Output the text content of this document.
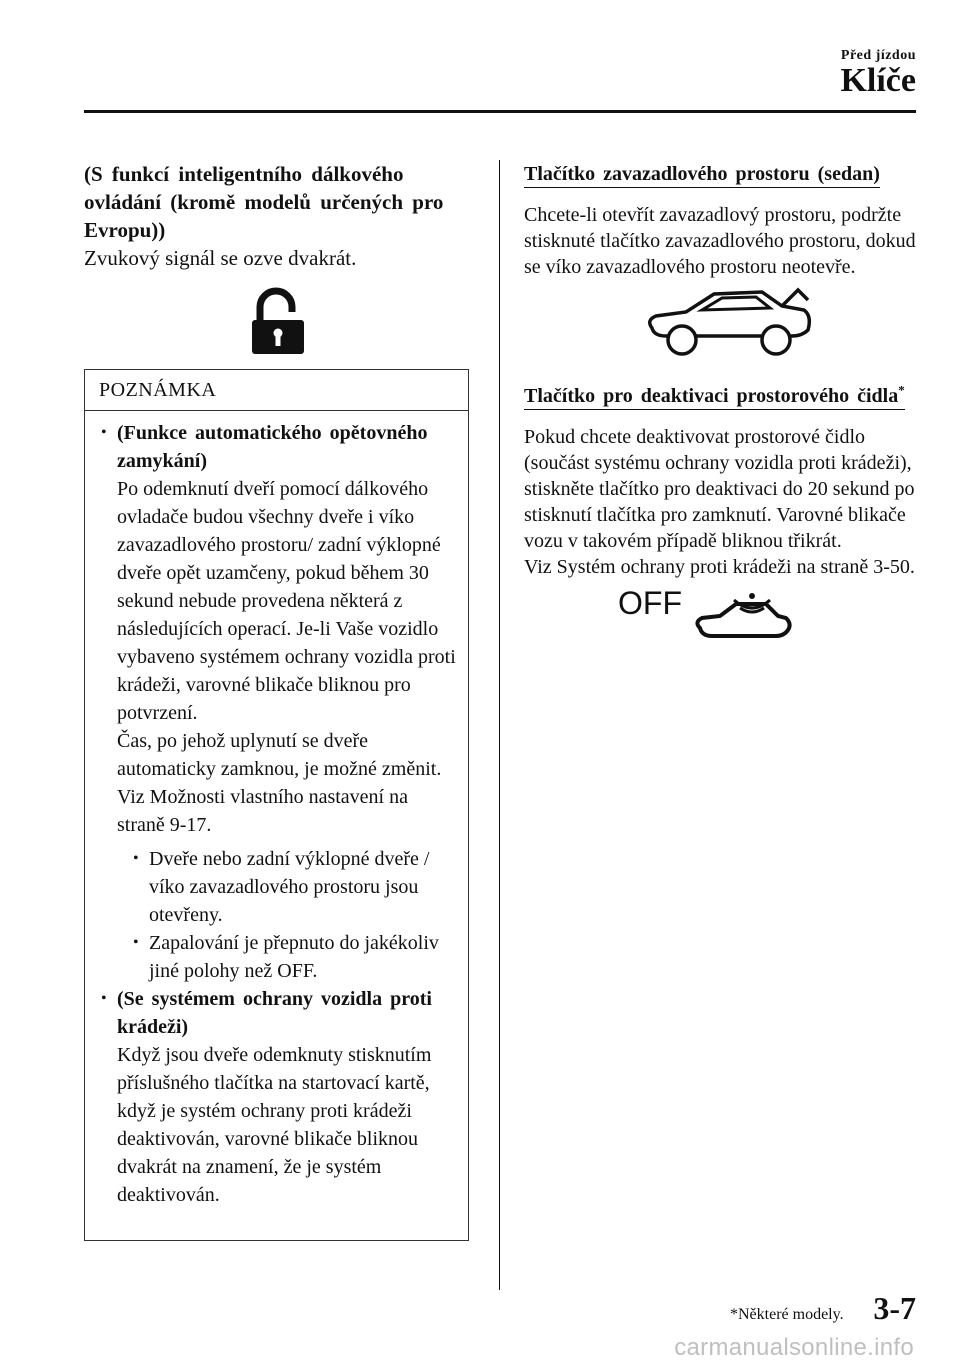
Před jízdou
Klíče
(S funkcí inteligentního dálkového ovládání (kromě modelů určených pro Evropu))
Zvukový signál se ozve dvakrát.
POZNÁMKA
• (Funkce automatického opětovného zamykání)
Po odemknutí dveří pomocí dálkového ovladače budou všechny dveře i víko zavazadlového prostoru/ zadní výklopné dveře opět uzamčeny, pokud během 30 sekund nebude provedena některá z následujících operací. Je-li Vaše vozidlo vybaveno systémem ochrany vozidla proti krádeži, varovné blikače bliknou pro potvrzení.
Čas, po jehož uplynutí se dveře automaticky zamknou, je možné změnit.
Viz Možnosti vlastního nastavení na straně 9-17.
• Dveře nebo zadní výklopné dveře / víko zavazadlového prostoru jsou otevřeny.
• Zapalování je přepnuto do jakékoliv jiné polohy než OFF.
• (Se systémem ochrany vozidla proti krádeži)
Když jsou dveře odemknuty stisknutím příslušného tlačítka na startovací kartě, když je systém ochrany proti krádeži deaktivován, varovné blikače bliknou dvakrát na znamení, že je systém deaktivován.
Tlačítko zavazadlového prostoru (sedan)
Chcete-li otevřít zavazadlový prostoru, podržte stisknuté tlačítko zavazadlového prostoru, dokud se víko zavazadlového prostoru neotevře.
Tlačítko pro deaktivaci prostorového čidla*
Pokud chcete deaktivovat prostorové čidlo (součást systému ochrany vozidla proti krádeži), stiskněte tlačítko pro deaktivaci do 20 sekund po stisknutí tlačítka pro zamknutí. Varovné blikače vozu v takovém případě bliknou třikrát.
Viz Systém ochrany proti krádeži na straně 3-50.
OFF
*Některé modely. 3-7
carmanualsonline.info
